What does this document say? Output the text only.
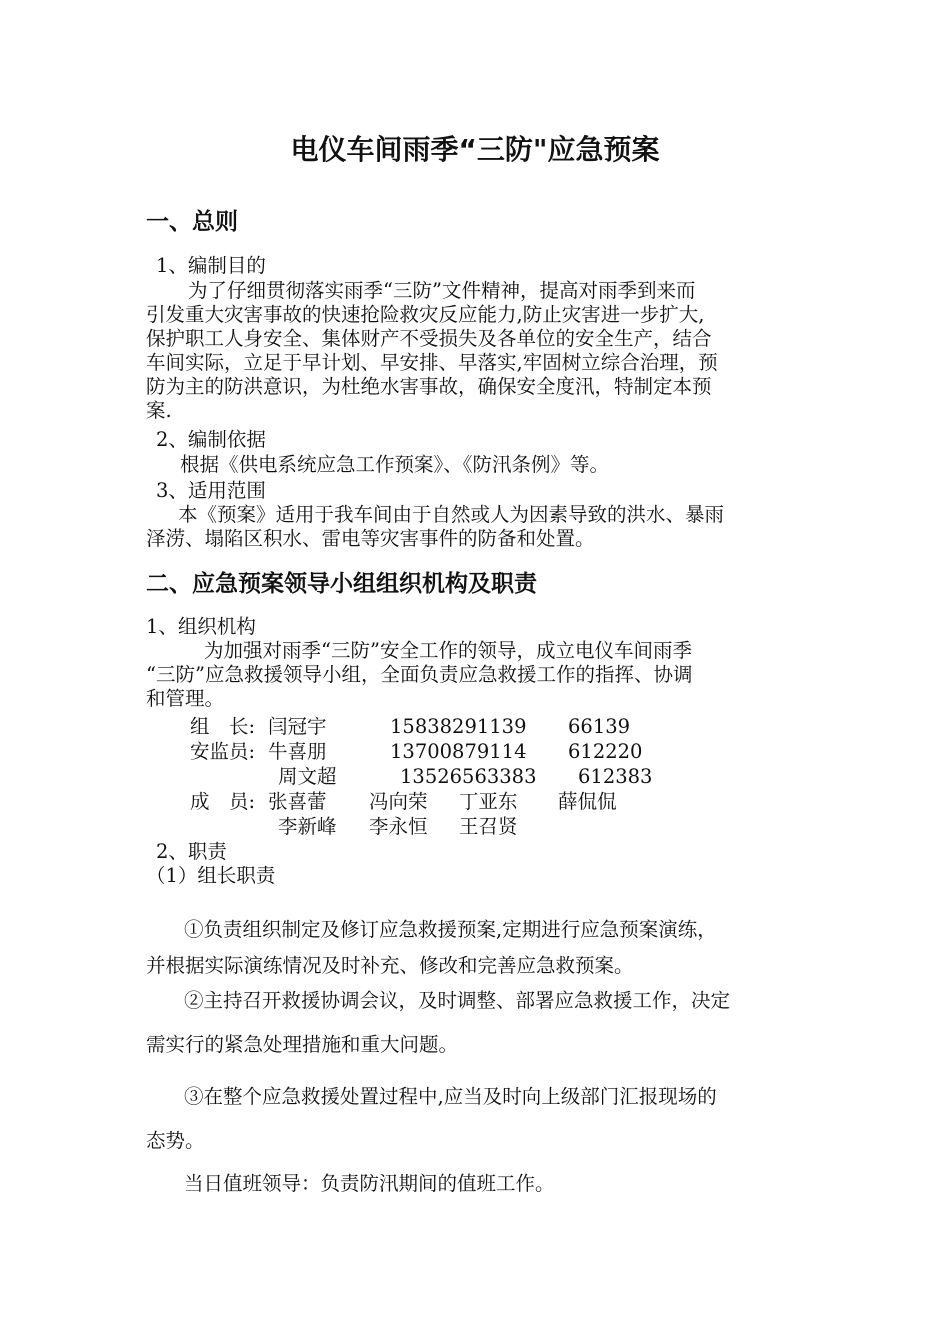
电仪车间雨季“三防"应急预案
一、总则
1、编制目的
为了仔细贯彻落实雨季“三防”文件精神，提高对雨季到来而
引发重大灾害事故的快速抢险救灾反应能力,防止灾害进一步扩大,
保护职工人身安全、集体财产不受损失及各单位的安全生产，结合
车间实际，立足于早计划、早安排、早落实,牢固树立综合治理，预
防为主的防洪意识，为杜绝水害事故，确保安全度汛，特制定本预
案.
2、编制依据
根据《供电系统应急工作预案》、《防汛条例》等。
3、适用范围
本《预案》适用于我车间由于自然或人为因素导致的洪水、暴雨
泽涝、塌陷区积水、雷电等灾害事件的防备和处置。
二、应急预案领导小组组织机构及职责
1、组织机构
为加强对雨季“三防”安全工作的领导，成立电仪车间雨季
“三防”应急救援领导小组，全面负责应急救援工作的指挥、协调
和管理。
组　长: 闫冠宇	15838291139 66139
安监员: 牛喜朋	13700879114 612220
周文超	13526563383 612383
成　员: 张喜蕾 冯向荣 丁亚东 薛侃侃
李新峰 李永恒 王召贤
2、职责
（1）组长职责
①负责组织制定及修订应急救援预案,定期进行应急预案演练，
并根据实际演练情况及时补充、修改和完善应急救预案。
②主持召开救援协调会议，及时调整、部署应急救援工作，决定
需实行的紧急处理措施和重大问题。
③在整个应急救援处置过程中,应当及时向上级部门汇报现场的
态势。
当日值班领导：负责防汛期间的值班工作。
